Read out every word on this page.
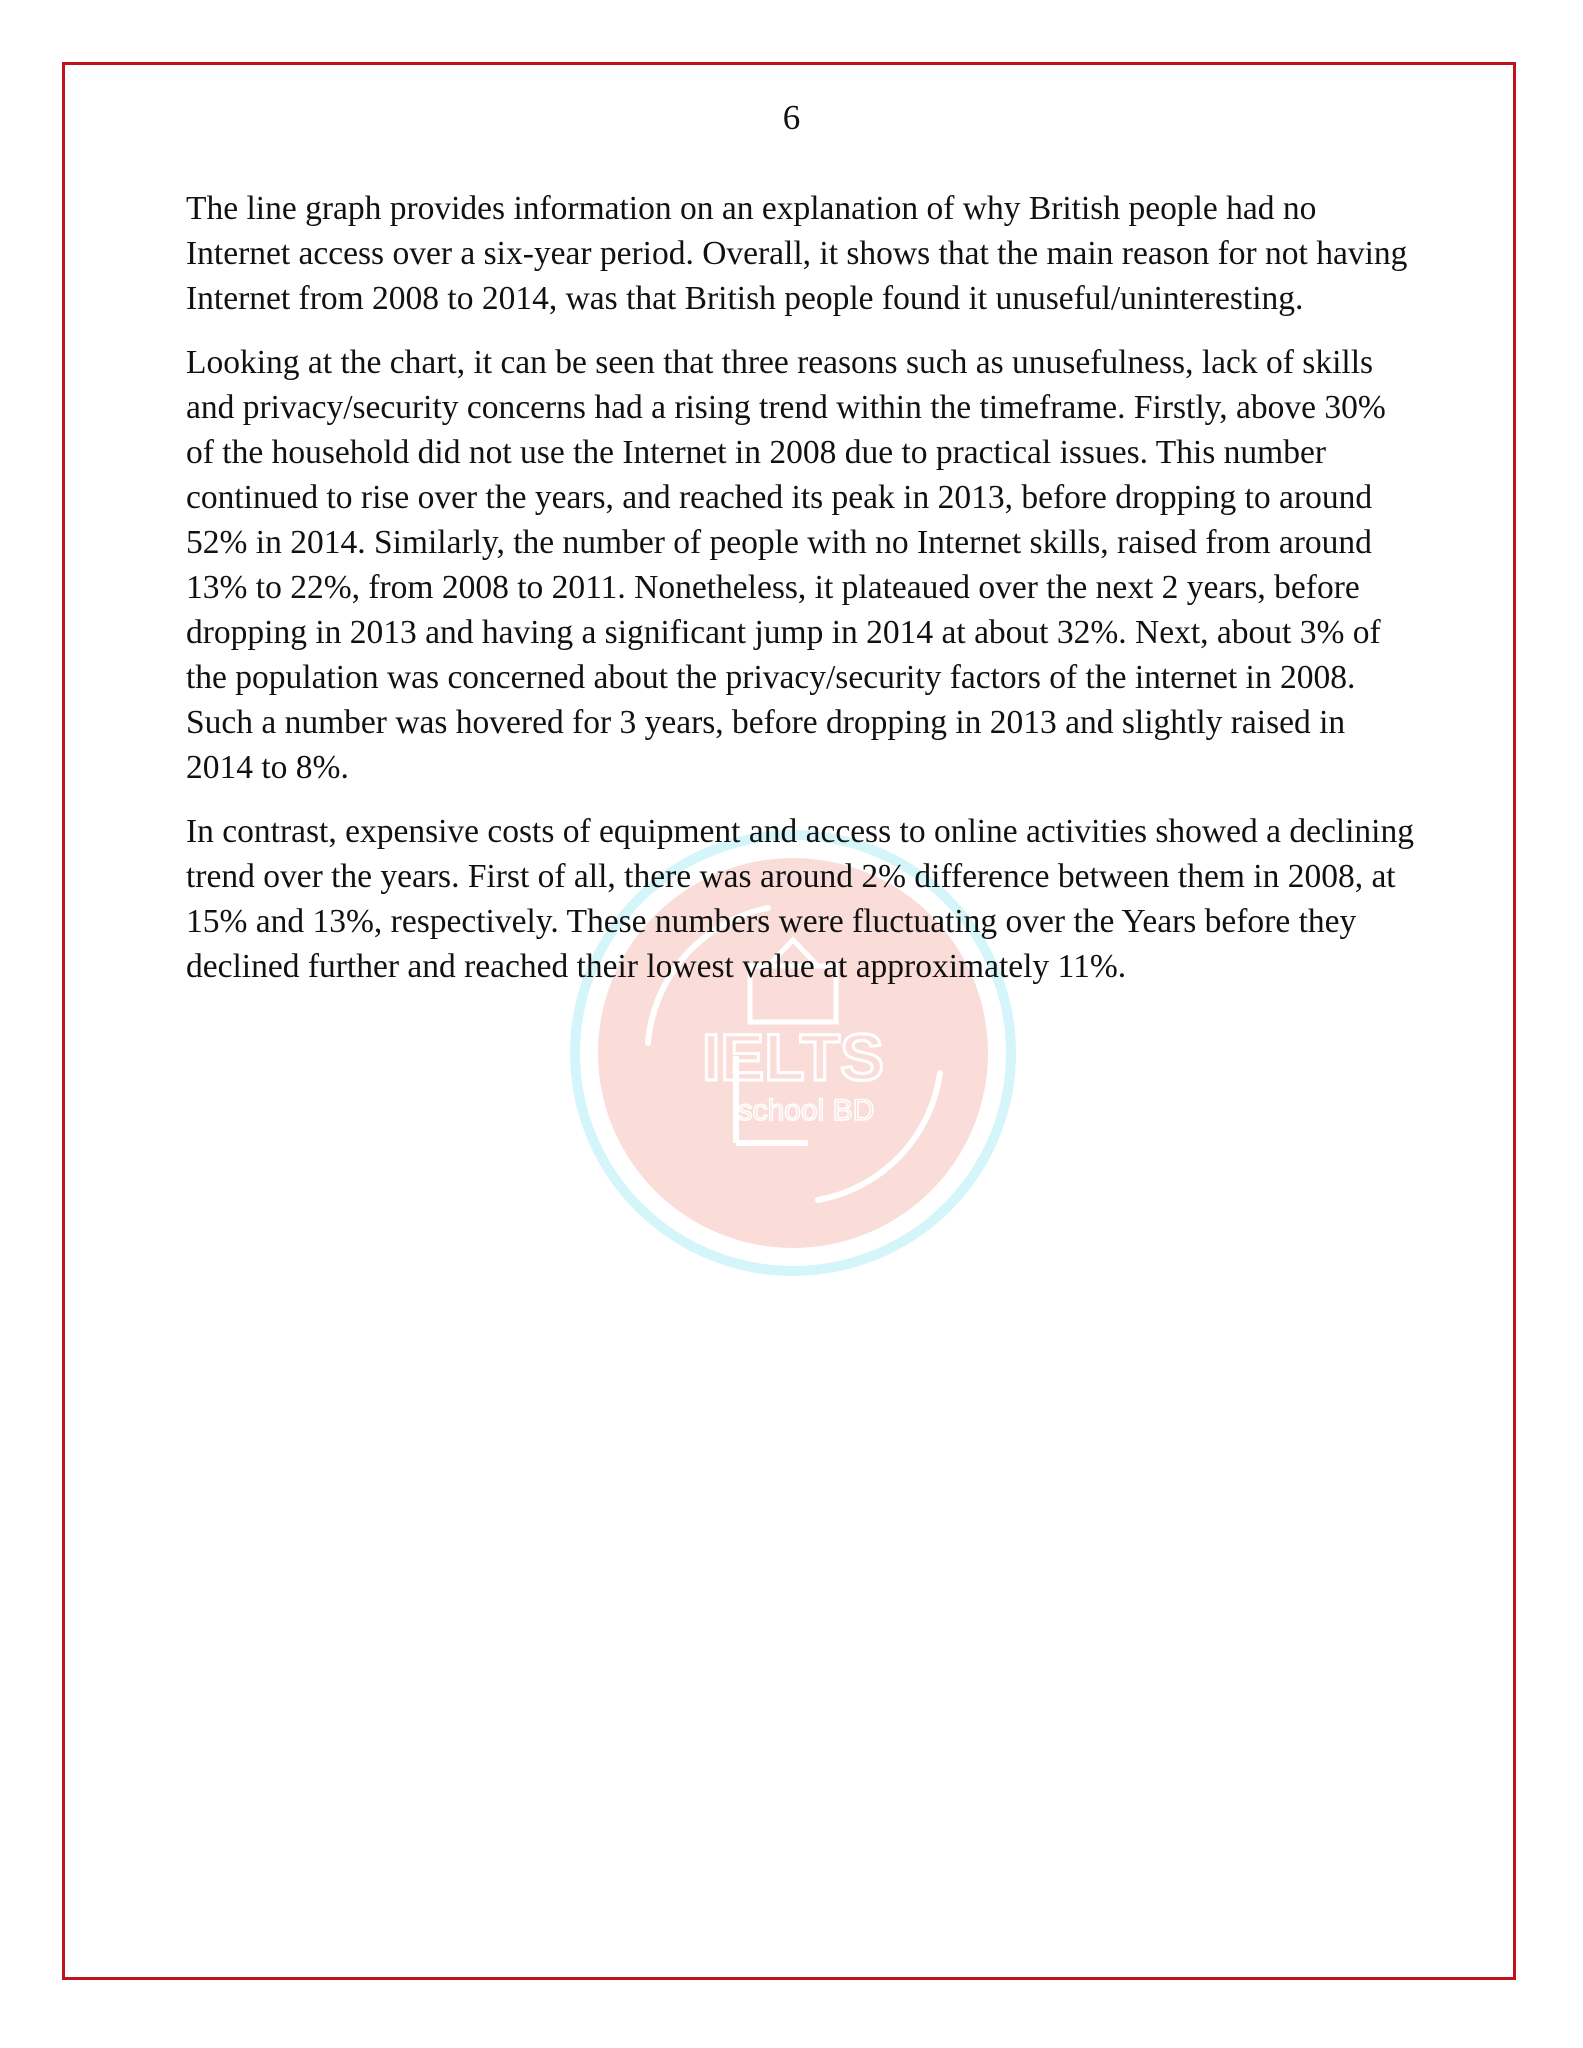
6
IELTS
school BD

The line graph provides information on an explanation of why British people had no Internet access over a six-year period. Overall, it shows that the main reason for not having Internet from 2008 to 2014, was that British people found it unuseful/uninteresting.

Looking at the chart, it can be seen that three reasons such as unusefulness, lack of skills and privacy/security concerns had a rising trend within the timeframe. Firstly, above 30% of the household did not use the Internet in 2008 due to practical issues. This number continued to rise over the years, and reached its peak in 2013, before dropping to around 52% in 2014. Similarly, the number of people with no Internet skills, raised from around 13% to 22%, from 2008 to 2011. Nonetheless, it plateaued over the next 2 years, before dropping in 2013 and having a significant jump in 2014 at about 32%. Next, about 3% of the population was concerned about the privacy/security factors of the internet in 2008. Such a number was hovered for 3 years, before dropping in 2013 and slightly raised in 2014 to 8%.

In contrast, expensive costs of equipment and access to online activities showed a declining trend over the years. First of all, there was around 2% difference between them in 2008, at 15% and 13%, respectively. These numbers were fluctuating over the Years before they declined further and reached their lowest value at approximately 11%.
